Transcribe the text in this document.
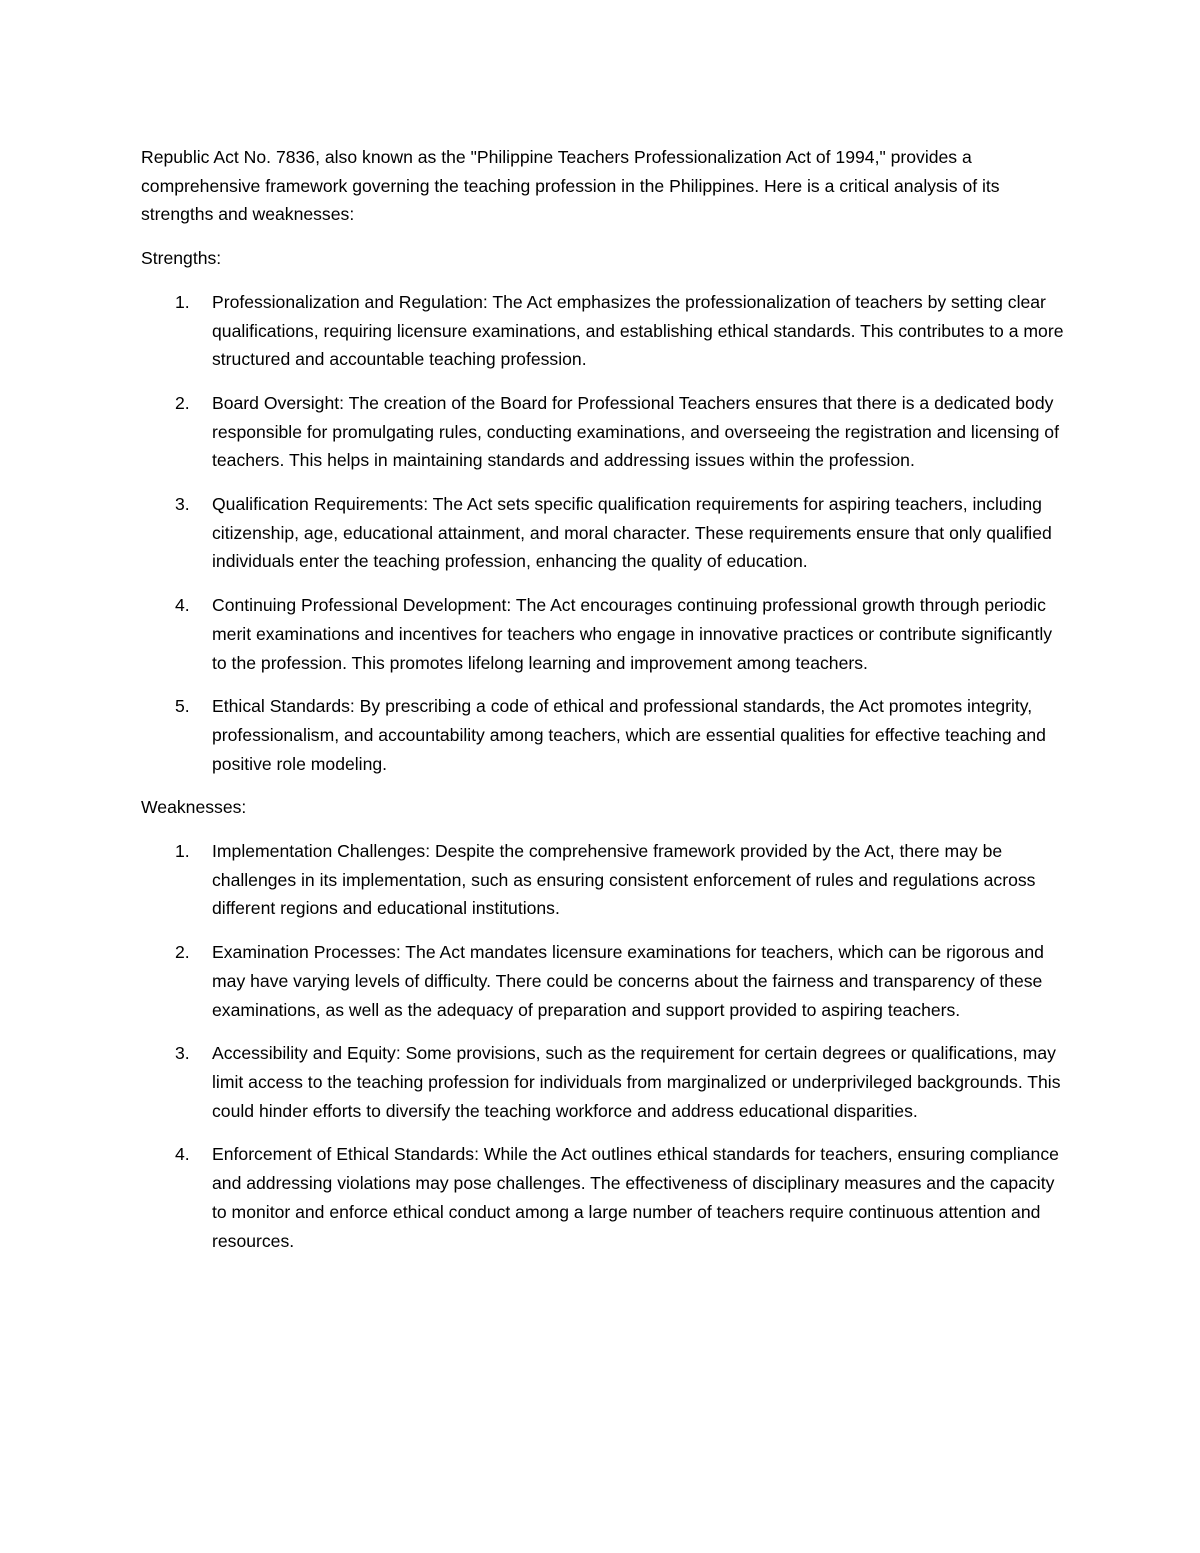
Republic Act No. 7836, also known as the "Philippine Teachers Professionalization Act of 1994," provides a comprehensive framework governing the teaching profession in the Philippines. Here is a critical analysis of its strengths and weaknesses:

Strengths:

1. Professionalization and Regulation: The Act emphasizes the professionalization of teachers by setting clear qualifications, requiring licensure examinations, and establishing ethical standards. This contributes to a more structured and accountable teaching profession.
2. Board Oversight: The creation of the Board for Professional Teachers ensures that there is a dedicated body responsible for promulgating rules, conducting examinations, and overseeing the registration and licensing of teachers. This helps in maintaining standards and addressing issues within the profession.
3. Qualification Requirements: The Act sets specific qualification requirements for aspiring teachers, including citizenship, age, educational attainment, and moral character. These requirements ensure that only qualified individuals enter the teaching profession, enhancing the quality of education.
4. Continuing Professional Development: The Act encourages continuing professional growth through periodic merit examinations and incentives for teachers who engage in innovative practices or contribute significantly to the profession. This promotes lifelong learning and improvement among teachers.
5. Ethical Standards: By prescribing a code of ethical and professional standards, the Act promotes integrity, professionalism, and accountability among teachers, which are essential qualities for effective teaching and positive role modeling.

Weaknesses:

1. Implementation Challenges: Despite the comprehensive framework provided by the Act, there may be challenges in its implementation, such as ensuring consistent enforcement of rules and regulations across different regions and educational institutions.
2. Examination Processes: The Act mandates licensure examinations for teachers, which can be rigorous and may have varying levels of difficulty. There could be concerns about the fairness and transparency of these examinations, as well as the adequacy of preparation and support provided to aspiring teachers.
3. Accessibility and Equity: Some provisions, such as the requirement for certain degrees or qualifications, may limit access to the teaching profession for individuals from marginalized or underprivileged backgrounds. This could hinder efforts to diversify the teaching workforce and address educational disparities.
4. Enforcement of Ethical Standards: While the Act outlines ethical standards for teachers, ensuring compliance and addressing violations may pose challenges. The effectiveness of disciplinary measures and the capacity to monitor and enforce ethical conduct among a large number of teachers require continuous attention and resources.
